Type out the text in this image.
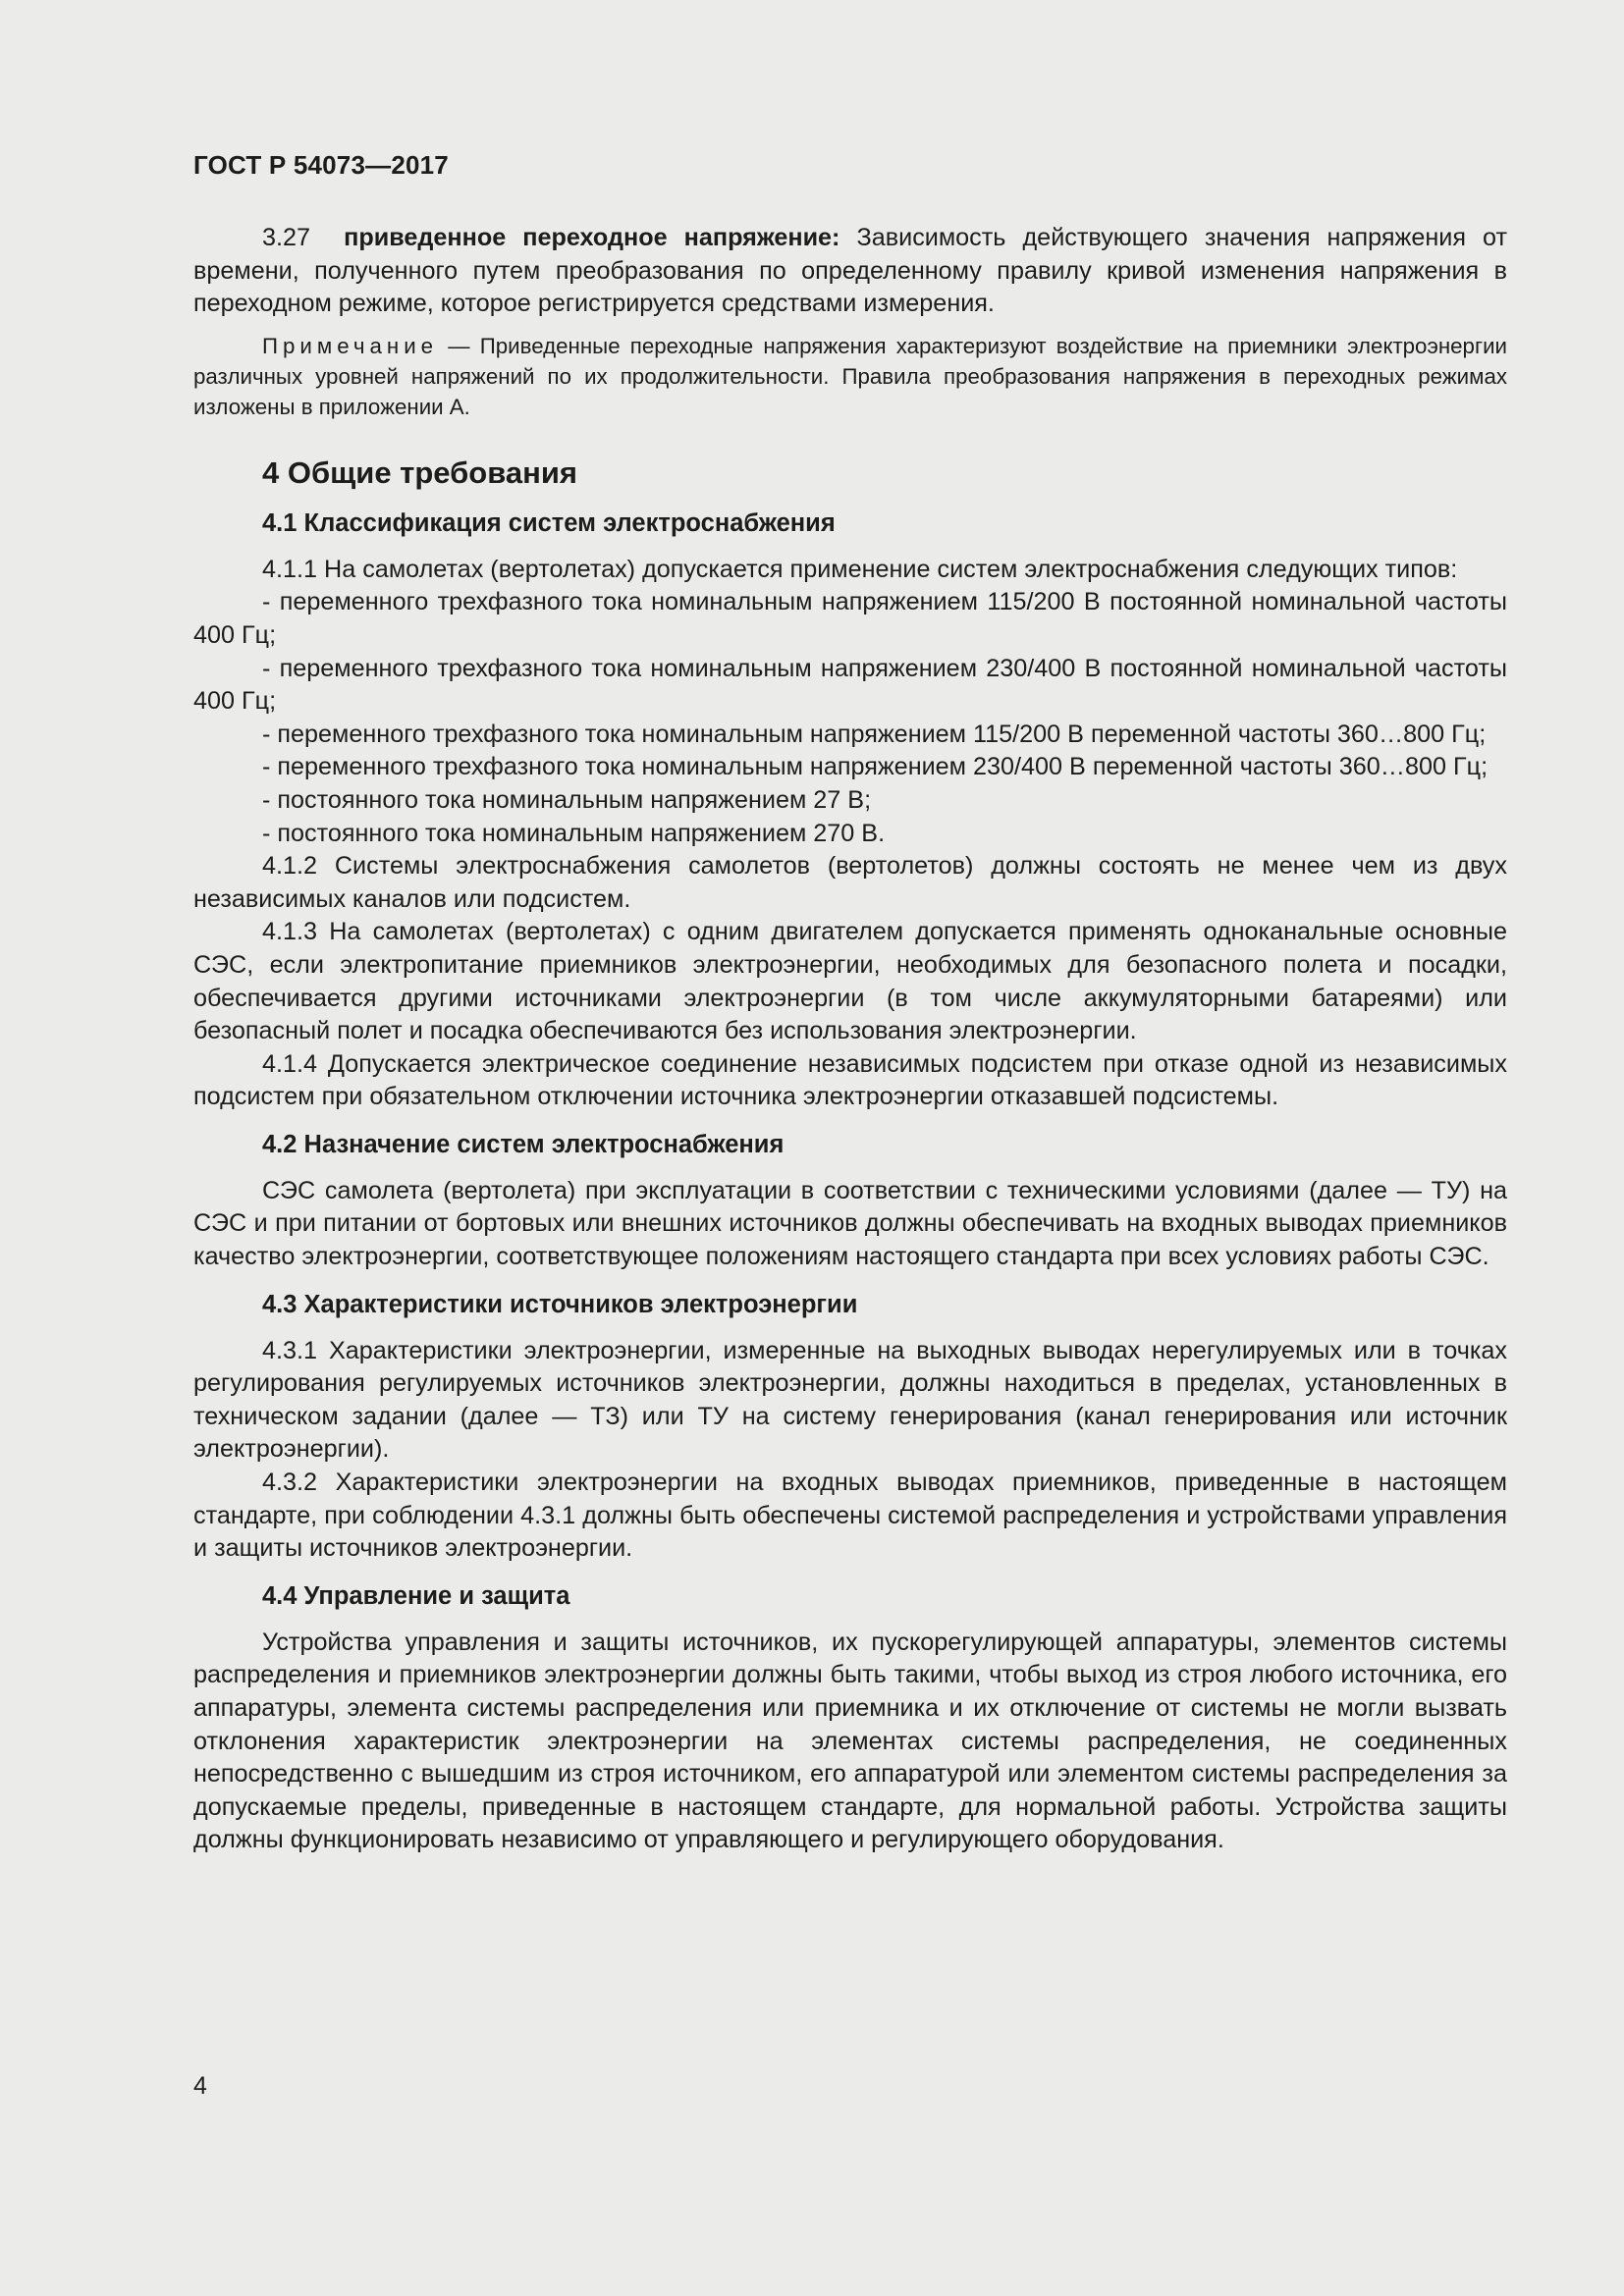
ГОСТ Р 54073—2017

3.27 приведенное переходное напряжение: Зависимость действующего значения напряжения от времени, полученного путем преобразования по определенному правилу кривой изменения напряжения в переходном режиме, которое регистрируется средствами измерения.

Примечание — Приведенные переходные напряжения характеризуют воздействие на приемники электроэнергии различных уровней напряжений по их продолжительности. Правила преобразования напряжения в переходных режимах изложены в приложении А.

4 Общие требования
4.1 Классификация систем электроснабжения

4.1.1 На самолетах (вертолетах) допускается применение систем электроснабжения следующих типов:

- переменного трехфазного тока номинальным напряжением 115/200 В постоянной номинальной частоты 400 Гц;

- переменного трехфазного тока номинальным напряжением 230/400 В постоянной номинальной частоты 400 Гц;

- переменного трехфазного тока номинальным напряжением 115/200 В переменной частоты 360…800 Гц;

- переменного трехфазного тока номинальным напряжением 230/400 В переменной частоты 360…800 Гц;

- постоянного тока номинальным напряжением 27 В;

- постоянного тока номинальным напряжением 270 В.

4.1.2 Системы электроснабжения самолетов (вертолетов) должны состоять не менее чем из двух независимых каналов или подсистем.

4.1.3 На самолетах (вертолетах) с одним двигателем допускается применять одноканальные основные СЭС, если электропитание приемников электроэнергии, необходимых для безопасного полета и посадки, обеспечивается другими источниками электроэнергии (в том числе аккумуляторными батареями) или безопасный полет и посадка обеспечиваются без использования электроэнергии.

4.1.4 Допускается электрическое соединение независимых подсистем при отказе одной из независимых подсистем при обязательном отключении источника электроэнергии отказавшей подсистемы.

4.2 Назначение систем электроснабжения

СЭС самолета (вертолета) при эксплуатации в соответствии с техническими условиями (далее — ТУ) на СЭС и при питании от бортовых или внешних источников должны обеспечивать на входных выводах приемников качество электроэнергии, соответствующее положениям настоящего стандарта при всех условиях работы СЭС.

4.3 Характеристики источников электроэнергии

4.3.1 Характеристики электроэнергии, измеренные на выходных выводах нерегулируемых или в точках регулирования регулируемых источников электроэнергии, должны находиться в пределах, установленных в техническом задании (далее — ТЗ) или ТУ на систему генерирования (канал генерирования или источник электроэнергии).

4.3.2 Характеристики электроэнергии на входных выводах приемников, приведенные в настоящем стандарте, при соблюдении 4.3.1 должны быть обеспечены системой распределения и устройствами управления и защиты источников электроэнергии.

4.4 Управление и защита

Устройства управления и защиты источников, их пускорегулирующей аппаратуры, элементов системы распределения и приемников электроэнергии должны быть такими, чтобы выход из строя любого источника, его аппаратуры, элемента системы распределения или приемника и их отключение от системы не могли вызвать отклонения характеристик электроэнергии на элементах системы распределения, не соединенных непосредственно с вышедшим из строя источником, его аппаратурой или элементом системы распределения за допускаемые пределы, приведенные в настоящем стандарте, для нормальной работы. Устройства защиты должны функционировать независимо от управляющего и регулирующего оборудования.

4
